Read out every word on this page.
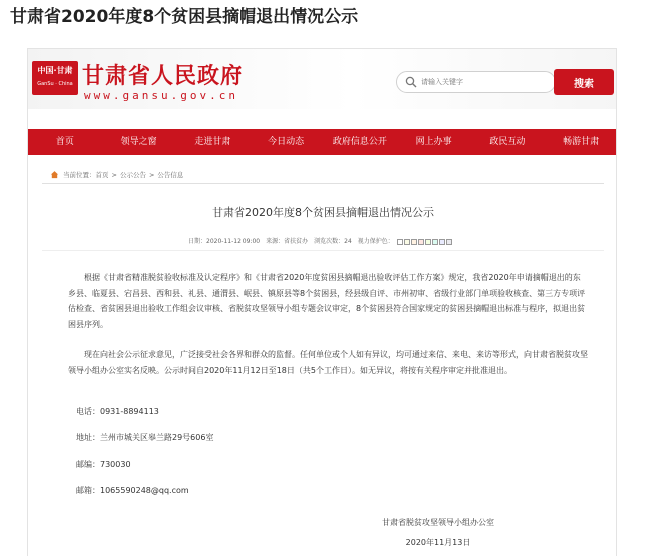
甘肃省2020年度8个贫困县摘帽退出情况公示
中国·甘肃
GanSu · China 甘肃省人民政府
www.gansu.gov.cn
请输入关键字
搜索
首页	领导之窗	走进甘肃	今日动态	政府信息公开	网上办事	政民互动	畅游甘肃
当前位置： 首页 > 公示公告 > 公告信息
甘肃省2020年度8个贫困县摘帽退出情况公示
日期：2020-11-12 09:00 来源：省扶贫办 浏览次数：24 视力保护色：

根据《甘肃省精准脱贫验收标准及认定程序》和《甘肃省2020年度贫困县摘帽退出验收评估工作方案》规定，我省2020年申请摘帽退出的东乡县、临夏县、宕昌县、西和县、礼县、通渭县、岷县、镇原县等8个贫困县，经县级自评、市州初审、省级行业部门单项验收核查、第三方专项评估检查、省贫困县退出验收工作组会议审核、省脱贫攻坚领导小组专题会议审定，8个贫困县符合国家规定的贫困县摘帽退出标准与程序，拟退出贫困县序列。

现在向社会公示征求意见，广泛接受社会各界和群众的监督。任何单位或个人如有异议，均可通过来信、来电、来访等形式，向甘肃省脱贫攻坚领导小组办公室实名反映。公示时间自2020年11月12日至18日（共5个工作日）。如无异议，将按有关程序审定并批准退出。

电话：0931-8894113
地址：兰州市城关区皋兰路29号606室
邮编：730030
邮箱：1065590248@qq.com
甘肃省脱贫攻坚领导小组办公室
2020年11月13日
